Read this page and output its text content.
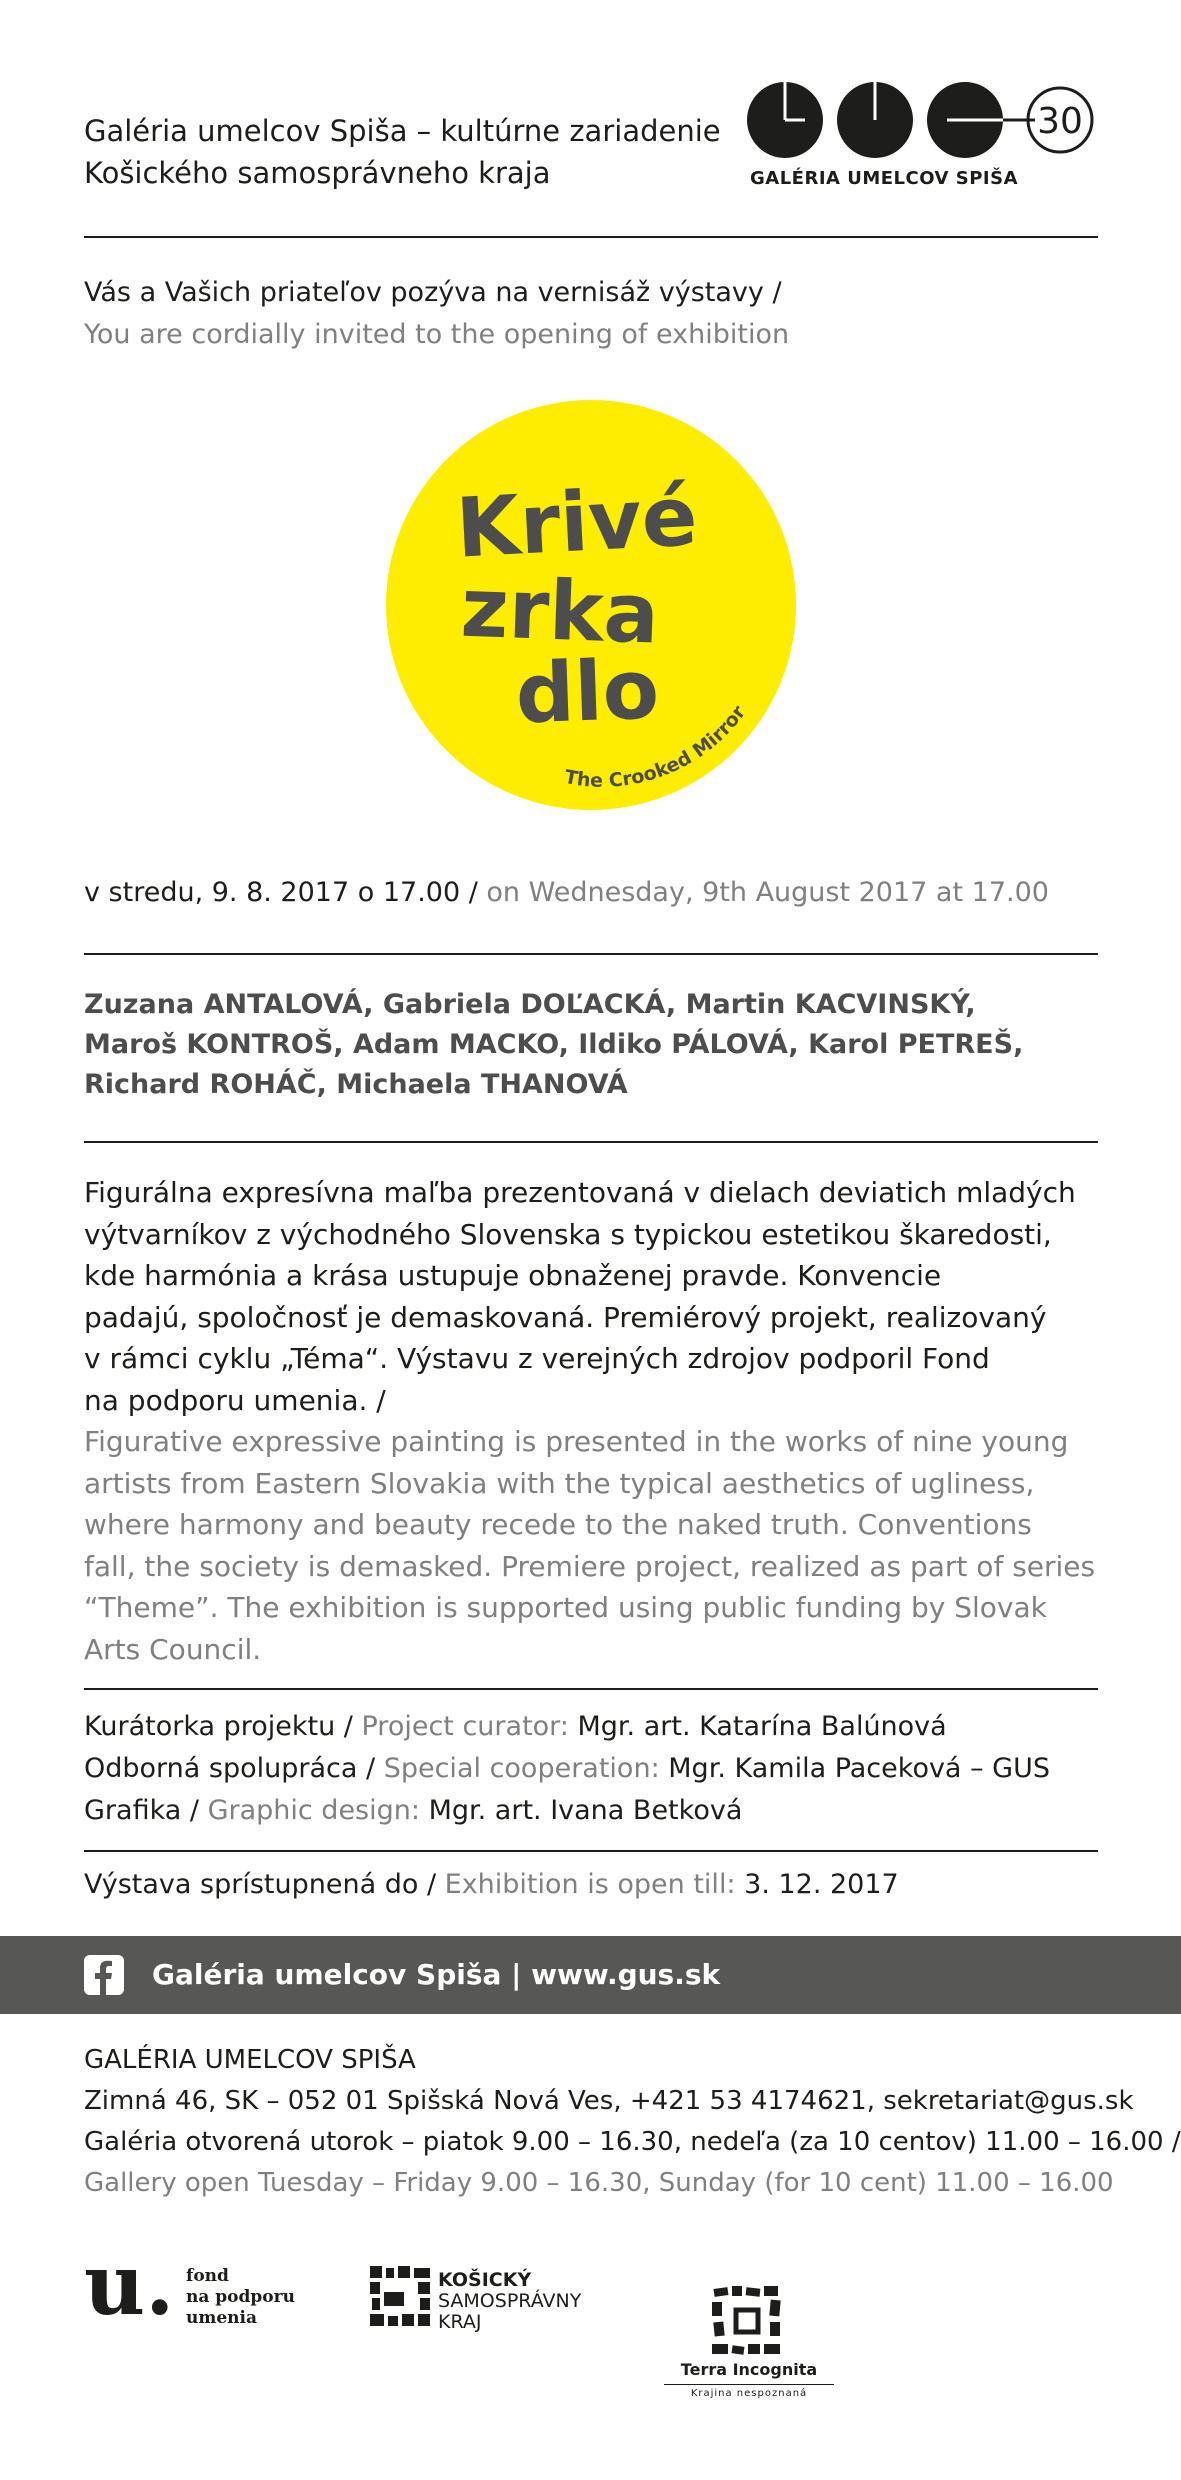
Galéria umelcov Spiša – kultúrne zariadenie
Košického samosprávneho kraja
30
GALÉRIA UMELCOV SPIŠA
Vás a Vašich priateľov pozýva na vernisáž výstavy /
You are cordially invited to the opening of exhibition
Krivé
zrka
dlo
The Crooked Mirror
v stredu, 9. 8. 2017 o 17.00 / on Wednesday, 9th August 2017 at 17.00
Zuzana ANTALOVÁ, Gabriela DOĽACKÁ, Martin KACVINSKÝ,
Maroš KONTROŠ, Adam MACKO, Ildiko PÁLOVÁ, Karol PETREŠ,
Richard ROHÁČ, Michaela THANOVÁ

Figurálna expresívna maľba prezentovaná v dielach deviatich mladých

výtvarníkov z východného Slovenska s typickou estetikou škaredosti,

kde harmónia a krása ustupuje obnaženej pravde. Konvencie

padajú, spoločnosť je demaskovaná. Premiérový projekt, realizovaný

v rámci cyklu „Téma“. Výstavu z verejných zdrojov podporil Fond

na podporu umenia. /

Figurative expressive painting is presented in the works of nine young

artists from Eastern Slovakia with the typical aesthetics of ugliness,

where harmony and beauty recede to the naked truth. Conventions

fall, the society is demasked. Premiere project, realized as part of series

“Theme”. The exhibition is supported using public funding by Slovak

Arts Council.

Kurátorka projektu / Project curator: Mgr. art. Katarína Balúnová
Odborná spolupráca / Special cooperation: Mgr. Kamila Paceková – GUS
Grafika / Graphic design: Mgr. art. Ivana Betková
Výstava sprístupnená do / Exhibition is open till: 3. 12. 2017
Galéria umelcov Spiša | www.gus.sk
GALÉRIA UMELCOV SPIŠA
Zimná 46, SK – 052 01 Spišská Nová Ves, +421 53 4174621, sekretariat@gus.sk
Galéria otvorená utorok – piatok 9.00 – 16.30, nedeľa (za 10 centov) 11.00 – 16.00 /
Gallery open Tuesday – Friday 9.00 – 16.30, Sunday (for 10 cent) 11.00 – 16.00
u. fond
na podporu
umenia
KOŠICKÝ
SAMOSPRÁVNY
KRAJ
Terra Incognita
Krajina nespoznaná
